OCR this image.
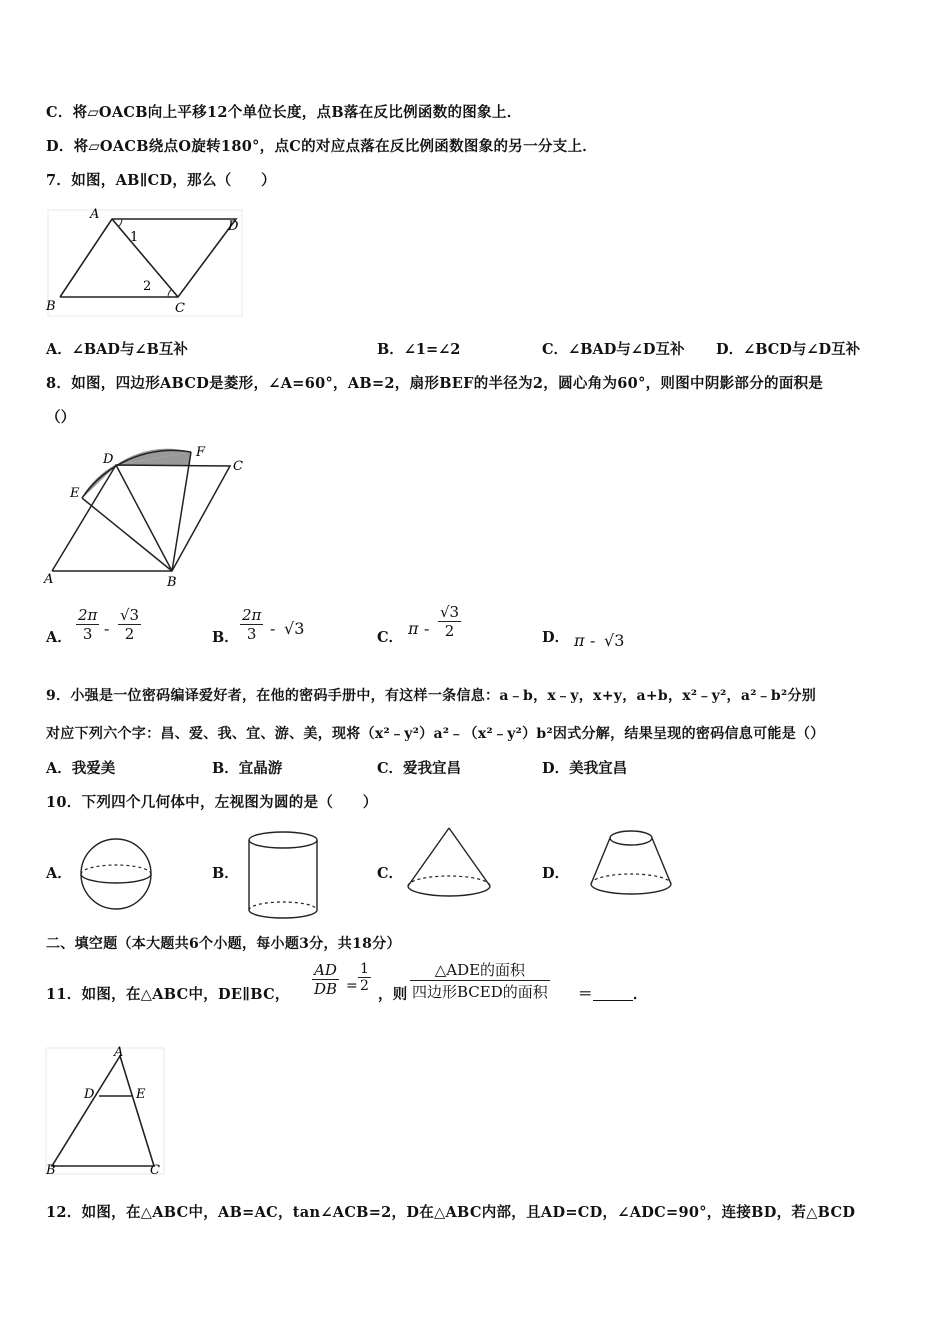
C．将▱OACB向上平移12个单位长度，点B落在反比例函数的图象上．
D．将▱OACB绕点O旋转180°，点C的对应点落在反比例函数图象的另一分支上．
7．如图，AB∥CD，那么（　　）
A
D
B	C
1
2
A．∠BAD与∠B互补	B．∠1=∠2	C．∠BAD与∠D互补 D．∠BCD与∠D互补
8．如图，四边形ABCD是菱形，∠A=60°，AB=2，扇形BEF的半径为2，圆心角为60°，则图中阴影部分的面积是
（）
D	F
C
E
A	B
A． $\frac{2\pi}{3} - \frac{√3}{2}$	B． $\frac{2\pi}{3} - √3$	C． π - $\frac{√3}{2}$	D． π - √3
9．小强是一位密码编译爱好者，在他的密码手册中，有这样一条信息：a﹣b，x﹣y，x+y，a+b，x²﹣y²，a²﹣b²分别
对应下列六个字：昌、爱、我、宜、游、美，现将（x²﹣y²）a²﹣（x²﹣y²）b²因式分解，结果呈现的密码信息可能是（）
A．我爱美	B．宜晶游	C．爱我宜昌	D．美我宜昌
10．下列四个几何体中，左视图为圆的是（　　）
A．	B．	C．	D．
二、填空题（本大题共6个小题，每小题3分，共18分）
11．如图，在△ABC中，DE∥BC， $\frac{AD}{DB} = \frac{1}{2}$
，则
△ADE的面积
四边形BCED的面积 ＝	．
A
D	E
B	C
12．如图，在△ABC中，AB=AC，tan∠ACB=2，D在△ABC内部，且AD=CD，∠ADC=90°，连接BD，若△BCD
